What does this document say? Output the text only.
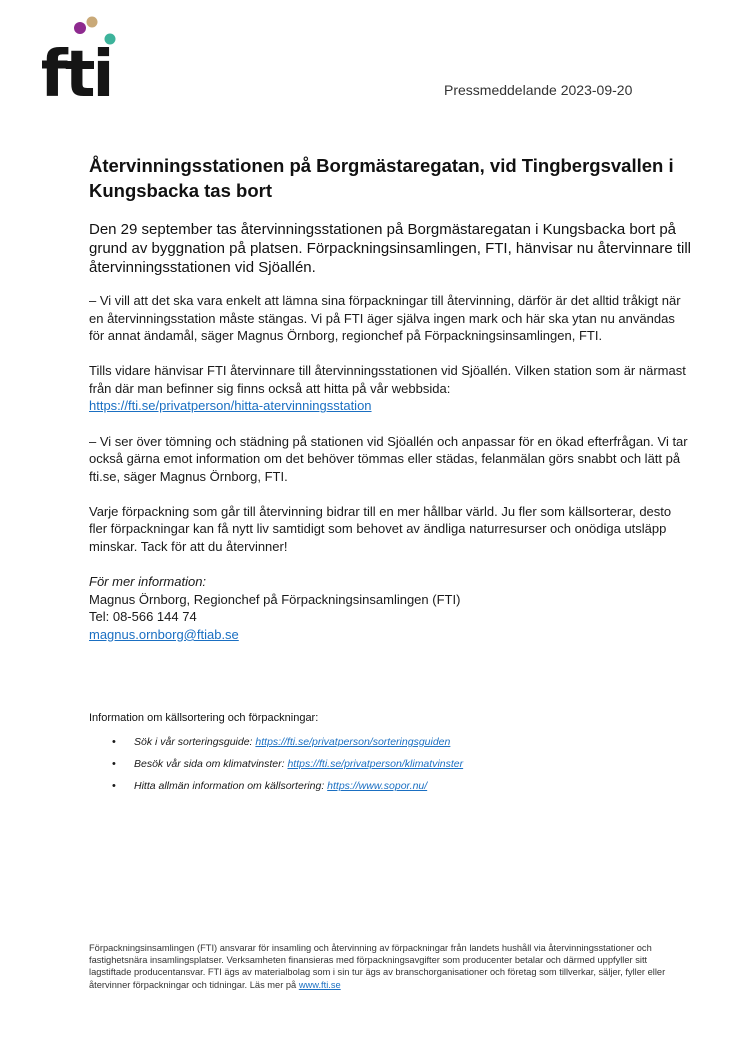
fti	Pressmeddelande 2023-09-20
Återvinningsstationen på Borgmästaregatan, vid Tingbergsvallen i Kungsbacka tas bort

Den 29 september tas återvinningsstationen på Borgmästaregatan i Kungsbacka bort på grund av byggnation på platsen. Förpackningsinsamlingen, FTI, hänvisar nu återvinnare till återvinningsstationen vid Sjöallén.

– Vi vill att det ska vara enkelt att lämna sina förpackningar till återvinning, därför är det alltid tråkigt när en återvinningsstation måste stängas. Vi på FTI äger själva ingen mark och här ska ytan nu användas för annat ändamål, säger Magnus Örnborg, regionchef på Förpackningsinsamlingen, FTI.

Tills vidare hänvisar FTI återvinnare till återvinningsstationen vid Sjöallén. Vilken station som är närmast från där man befinner sig finns också att hitta på vår webbsida:
https://fti.se/privatperson/hitta-atervinningsstation

– Vi ser över tömning och städning på stationen vid Sjöallén och anpassar för en ökad efterfrågan. Vi tar också gärna emot information om det behöver tömmas eller städas, felanmälan görs snabbt och lätt på fti.se, säger Magnus Örnborg, FTI.

Varje förpackning som går till återvinning bidrar till en mer hållbar värld. Ju fler som källsorterar, desto fler förpackningar kan få nytt liv samtidigt som behovet av ändliga naturresurser och onödiga utsläpp minskar. Tack för att du återvinner!

För mer information:
Magnus Örnborg, Regionchef på Förpackningsinsamlingen (FTI)
Tel: 08-566 144 74
magnus.ornborg@ftiab.se
Information om källsortering och förpackningar:
• Sök i vår sorteringsguide: https://fti.se/privatperson/sorteringsguiden
• Besök vår sida om klimatvinster: https://fti.se/privatperson/klimatvinster
• Hitta allmän information om källsortering: https://www.sopor.nu/

Förpackningsinsamlingen (FTI) ansvarar för insamling och återvinning av förpackningar från landets hushåll via återvinningsstationer och fastighetsnära insamlingsplatser. Verksamheten finansieras med förpackningsavgifter som producenter betalar och därmed uppfyller sitt lagstiftade producentansvar. FTI ägs av materialbolag som i sin tur ägs av branschorganisationer och företag som tillverkar, säljer, fyller eller återvinner förpackningar och tidningar. Läs mer på www.fti.se
